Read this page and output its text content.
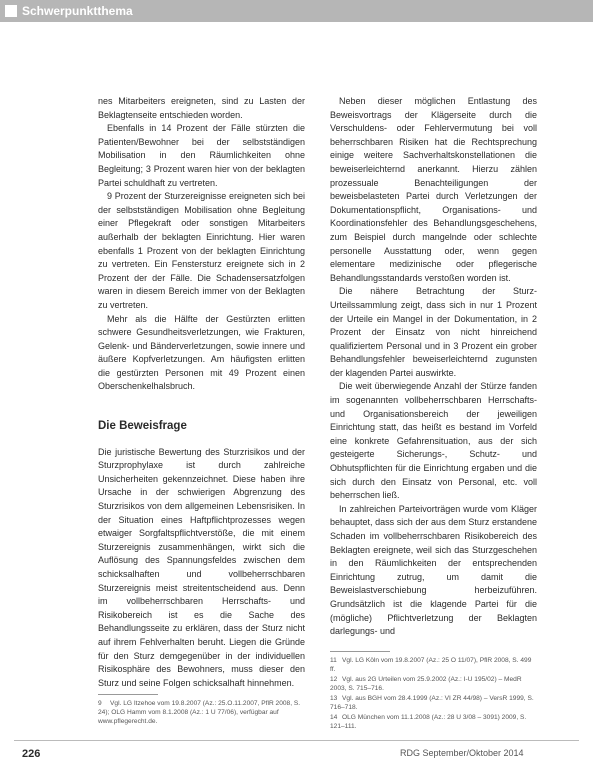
Schwerpunktthema

nes Mitarbeiters ereigneten, sind zu Lasten der Beklagtenseite entschieden worden.

Ebenfalls in 14 Prozent der Fälle stürzten die Patienten/Bewohner bei der selbstständigen Mobilisation in den Räumlichkeiten ohne Begleitung; 3 Prozent waren hier von der beklagten Partei schuldhaft zu vertreten.

9 Prozent der Sturzereignisse ereigneten sich bei der selbstständigen Mobilisation ohne Begleitung einer Pflegekraft oder sonstigen Mitarbeiters außerhalb der beklagten Einrichtung. Hier waren ebenfalls 1 Prozent von der beklagten Einrichtung zu vertreten. Ein Fenstersturz ereignete sich in 2 Prozent der der Fälle. Die Schadensersatzfolgen waren in diesem Bereich immer von der Beklagten zu vertreten.

Mehr als die Hälfte der Gestürzten erlitten schwere Gesundheitsverletzungen, wie Frakturen, Gelenk- und Bänderverletzungen, sowie innere und äußere Kopfverletzungen. Am häufigsten erlitten die gestürzten Personen mit 49 Prozent einen Oberschenkelhalsbruch.

Die Beweisfrage

Die juristische Bewertung des Sturzrisikos und der Sturzprophylaxe ist durch zahlreiche Unsicherheiten gekennzeichnet. Diese haben ihre Ursache in der schwierigen Abgrenzung des Sturzrisikos von dem allgemeinen Lebensrisiken. In der Situation eines Haftpflichtprozesses wegen etwaiger Sorgfaltspflichtverstöße, die mit einem Sturzereignis zusammenhängen, wirkt sich die Auflösung des Spannungsfeldes zwischen dem schicksalhaften und vollbeherrschbaren Sturzereignis meist streitentscheidend aus. Denn im vollbeherrschbaren Herrschafts- und Risikobereich ist es die Sache des Behandlungsseite zu erklären, dass der Sturz nicht auf ihrem Fehlverhalten beruht. Liegen die Gründe für den Sturz demgegenüber in der individuellen Risikosphäre des Bewohners, muss dieser den Sturz und seine Folgen schicksalhaft hinnehmen.

Neben dieser möglichen Entlastung des Beweisvortrags der Klägerseite durch die Verschuldens- oder Fehlervermutung bei voll beherrschbaren Risiken hat die Rechtsprechung einige weitere Sachverhaltskonstellationen die beweiserleichternd anerkannt. Hierzu zählen prozessuale Benachteiligungen der beweisbelasteten Partei durch Verletzungen der Dokumentationspflicht, Organisations- und Koordinationsfehler des Behandlungsgeschehens, zum Beispiel durch mangelnde oder schlechte personelle Ausstattung oder, wenn gegen elementare medizinische oder pflegerische Behandlungsstandards verstoßen worden ist.

Die nähere Betrachtung der Sturz-Urteilssammlung zeigt, dass sich in nur 1 Prozent der Urteile ein Mangel in der Dokumentation, in 2 Prozent der Einsatz von nicht hinreichend qualifiziertem Personal und in 3 Prozent ein grober Behandlungsfehler beweiserleichternd zugunsten der klagenden Partei auswirkte.

Die weit überwiegende Anzahl der Stürze fanden im sogenannten vollbeherrschbaren Herrschafts- und Organisationsbereich der jeweiligen Einrichtung statt, das heißt es bestand im Vorfeld eine konkrete Gefahrensituation, aus der sich gesteigerte Sicherungs-, Schutz- und Obhutspflichten für die Einrichtung ergaben und die sich durch den Einsatz von Personal, etc. voll beherrschen ließ.

In zahlreichen Parteivorträgen wurde vom Kläger behauptet, dass sich der aus dem Sturz erstandene Schaden im vollbeherrschbaren Risikobereich des Beklagten ereignete, weil sich das Sturzgeschehen in den Räumlichkeiten der entsprechenden Einrichtung zutrug, um damit die Beweislastverschiebung herbeizuführen. Grundsätzlich ist die klagende Partei für die (mögliche) Pflichtverletzung der Beklagten darlegungs- und

9 Vgl. LG Itzehoe vom 19.8.2007 (Az.: 25.O.11.2007, PflR 2008, S. 24); OLG Hamm vom 8.1.2008 (Az.: 1 U 77/06), verfügbar auf www.pflegerecht.de.
11 Vgl. LG Köln vom 19.8.2007 (Az.: 25 O 11/07), PflR 2008, S. 499 ff.
12 Vgl. aus 2G Urteilen vom 25.9.2002 (Az.: I-U 195/02) – MedR 2003, S. 715–716.
13 Vgl. aus BGH vom 28.4.1999 (Az.: VI ZR 44/98) – VersR 1999, S. 716–718.
14 OLG München vom 11.1.2008 (Az.: 28 U 3/08 – 3091) 2009, S. 121–111.
226	RDG September/Oktober 2014
